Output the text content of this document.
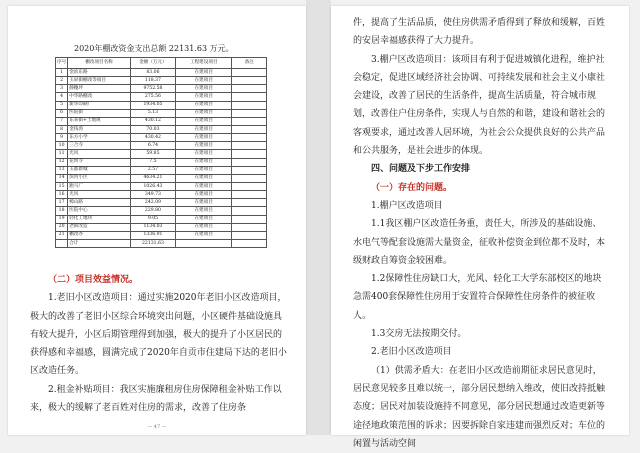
2020年棚改资金支出总额 22131.63 万元。
序号	棚改项目名称	金额（万元）	工程建设项目	备注
1	金滨东路	83.06	在建项目	
2	玉屏街棚改等项目	118.37	在建项目	
3	静穗坪	9752.58	在建项目	
4	中华路棚改	275.56	在建项目	
5	新华印刷厂	1934.05	在建项目	
6	医院街	5.13	在建项目	
7	东来街+土地规	430.12	在建项目	
8	金钱湾	70.03	在建项目	
9	东方小学	430.42	在建项目	
10	三合寺	6.74	在建项目	
11	光风	59.85	在建项目	
12	花坝寺	7.5	在建项目	
13	玉都新城	2.57	在建项目	
14	滨河小区	4634.21	在建项目	
15	跑马厂	1026.43	在建项目	
16	光风	349.73	在建项目	
17	樟山路	242.09	在建项目	
18	医院中心	229.80	在建项目	
19	轻化工地块	9.05	在建项目	
20	老街改造	1134.03	在建项目	
21	棚改办	1336.91	在建项目	
	合计	22131.63		

（二）项目效益情况。

1.老旧小区改造项目：通过实施2020年老旧小区改造项目，极大的改善了老旧小区综合环境突出问题，小区硬件基础设施具有较大提升，小区后期管理得到加强，极大的提升了小区居民的获得感和幸福感，圆满完成了2020年自贡市住建局下达的老旧小区改造任务。

2.租金补贴项目：我区实施廉租房住房保障租金补贴工作以来，极大的缓解了老百姓对住房的需求，改善了住房条

— 47 —

件，提高了生活品质，使住房供需矛盾得到了释放和缓解，百姓的安居幸福感获得了大力提升。

3.棚户区改造项目：该项目有利于促进城镇化进程，维护社会稳定，促进区域经济社会协调、可持续发展和社会主义小康社会建设，改善了居民的生活条件，提高生活质量，符合城市规划，改善住户住房条件，实现人与自然的和谐，建设和谐社会的客观要求，通过改善人居环境，为社会公众提供良好的公共产品和公共服务，是社会进步的体现。

四、问题及下步工作安排

（一）存在的问题。

1.棚户区改造项目

1.1我区棚户区改造任务重，责任大，所涉及的基础设施、水电气等配套设施需大量资金，征收补偿资金到位都不及时，本级财政自筹资金较困难。

1.2保障性住房缺口大，光风、轻化工大学东部校区的地块急需400套保障性住房用于安置符合保障性住房条件的被征收人。

1.3交房无法按期交付。

2.老旧小区改造项目

（1）供需矛盾大：在老旧小区改造前期征求居民意见时，居民意见较多且难以统一，部分居民想纳入维改，使旧改持抵触态度；居民对加装设施持不同意见，部分居民想通过改造更新等途径地政策范围的诉求；因要拆除自家违建而强烈反对；车位的闲置与活动空间
